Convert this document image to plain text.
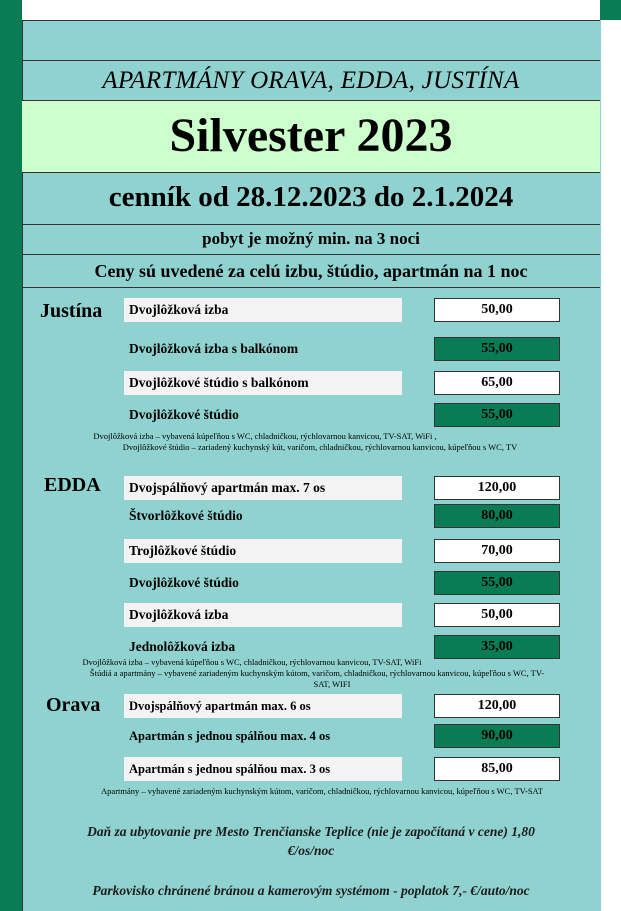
APARTMÁNY ORAVA, EDDA, JUSTÍNA
Silvester 2023
cenník od 28.12.2023 do 2.1.2024
pobyt je možný min. na 3 noci
Ceny sú uvedené za celú izbu, štúdio, apartmán na 1 noc
Justína	Dvojlôžková izba	50,00
Dvojlôžková izba s balkónom	55,00
Dvojlôžkové štúdio s balkónom	65,00
Dvojlôžkové štúdio	55,00
Dvojlôžková izba – vybavená kúpeľňou s WC, chladničkou, rýchlovarnou kanvicou, TV-SAT, WiFi ,
Dvojlôžkové štúdio – zariadený kuchynský kút, varičom, chladničkou, rýchlovarnou kanvicou, kúpeľňou s WC, TV
EDDA	Dvojspálňový apartmán max. 7 os	120,00
Štvorlôžkové štúdio	80,00
Trojlôžkové štúdio	70,00
Dvojlôžkové štúdio	55,00
Dvojlôžková izba	50,00
Jednolôžková izba	35,00
Dvojlôžková izba – vybavená kúpeľňou s WC, chladničkou, rýchlovarnou kanvicou, TV-SAT, WiFi
Štúdiá a apartmány – vybavené zariadeným kuchynským kútom, varičom, chladničkou, rýchlovarnou kanvicou, kúpeľňou s WC, TV-
SAT, WIFI
Orava	Dvojspálňový apartmán max. 6 os	120,00
Apartmán s jednou spálňou max. 4 os	90,00
Apartmán s jednou spálňou max. 3 os	85,00
Apartmány – vybavené zariadeným kuchynským kútom, varičom, chladničkou, rýchlovarnou kanvicou, kúpeľňou s WC, TV-SAT
Daň za ubytovanie pre Mesto Trenčianske Teplice (nie je započítaná v cene) 1,80
€/os/noc
Parkovisko chránené bránou a kamerovým systémom - poplatok 7,- €/auto/noc
